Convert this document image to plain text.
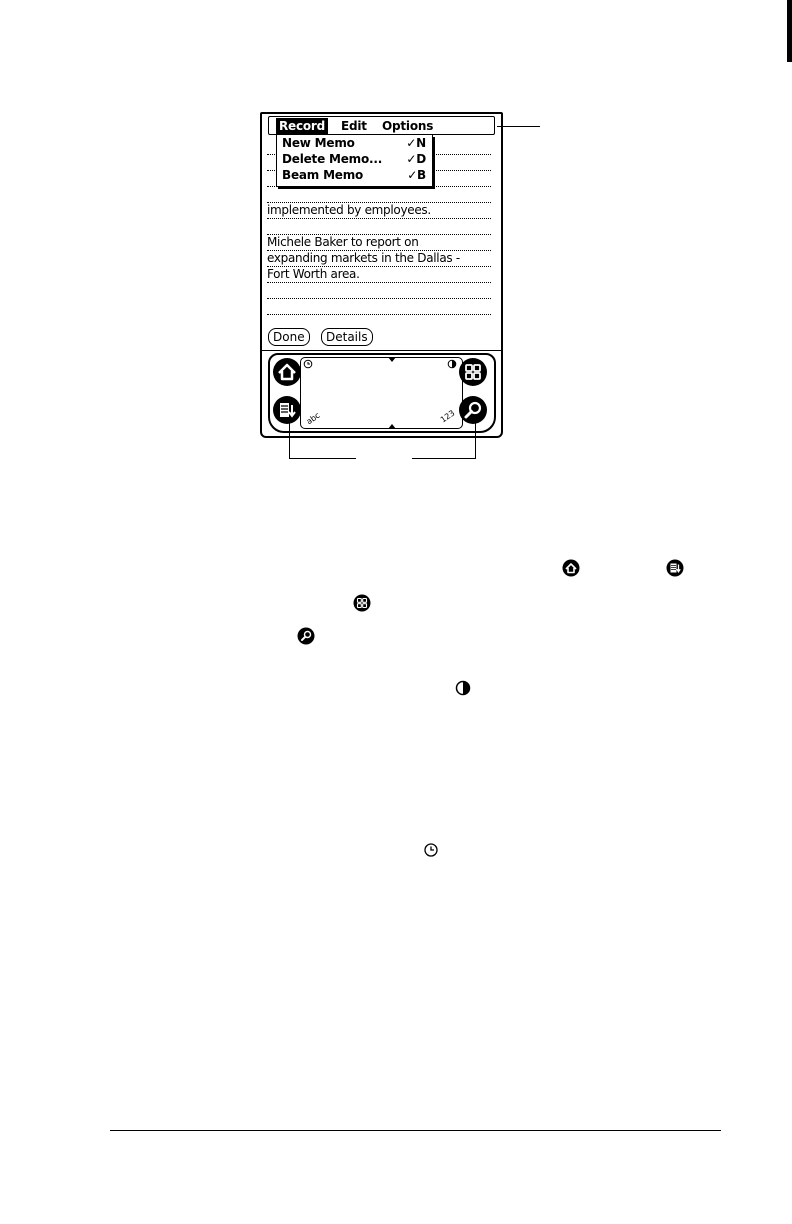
Record Edit Options
New Memo	✓N
Delete Memo... ✓D
Beam Memo	✓B
implemented by employees.
Michele Baker to report on
expanding markets in the Dallas -
Fort Worth area.
Done	Details
abc	123
